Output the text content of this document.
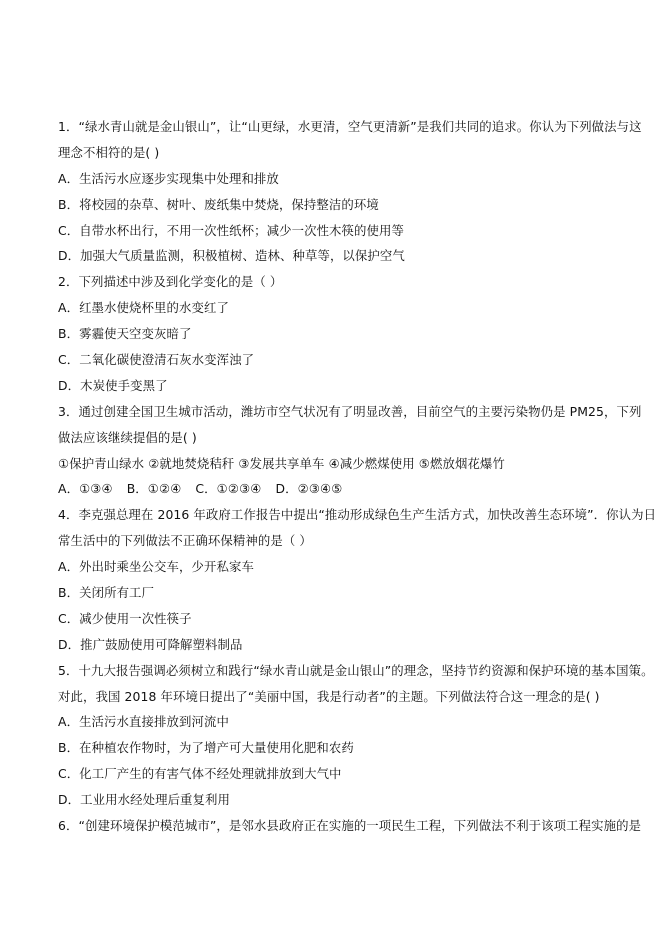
1．“绿水青山就是金山银山”，让“山更绿，水更清，空气更清新”是我们共同的追求。你认为下列做法与这
理念不相符的是( )
A．生活污水应逐步实现集中处理和排放
B．将校园的杂草、树叶、废纸集中焚烧，保持整洁的环境
C．自带水杯出行，不用一次性纸杯；减少一次性木筷的使用等
D．加强大气质量监测，积极植树、造林、种草等，以保护空气
2．下列描述中涉及到化学变化的是（ ）
A．红墨水使烧杯里的水变红了
B．雾霾使天空变灰暗了
C．二氧化碳使澄清石灰水变浑浊了
D．木炭使手变黑了
3．通过创建全国卫生城市活动，潍坊市空气状况有了明显改善，目前空气的主要污染物仍是 PM25，下列
做法应该继续提倡的是( )
①保护青山绿水 ②就地焚烧秸秆 ③发展共享单车 ④减少燃煤使用 ⑤燃放烟花爆竹
A．①③④ B．①②④ C．①②③④ D．②③④⑤
4．李克强总理在 2016 年政府工作报告中提出“推动形成绿色生产生活方式，加快改善生态环境”．你认为日
常生活中的下列做法不正确环保精神的是（ ）
A．外出时乘坐公交车，少开私家车
B．关闭所有工厂
C．减少使用一次性筷子
D．推广鼓励使用可降解塑料制品
5．十九大报告强调必须树立和践行“绿水青山就是金山银山”的理念，坚持节约资源和保护环境的基本国策。
对此，我国 2018 年环境日提出了“美丽中国，我是行动者”的主题。下列做法符合这一理念的是( )
A．生活污水直接排放到河流中
B．在种植农作物时，为了增产可大量使用化肥和农药
C．化工厂产生的有害气体不经处理就排放到大气中
D．工业用水经处理后重复利用
6．“创建环境保护模范城市”，是邻水县政府正在实施的一项民生工程，下列做法不利于该项工程实施的是
